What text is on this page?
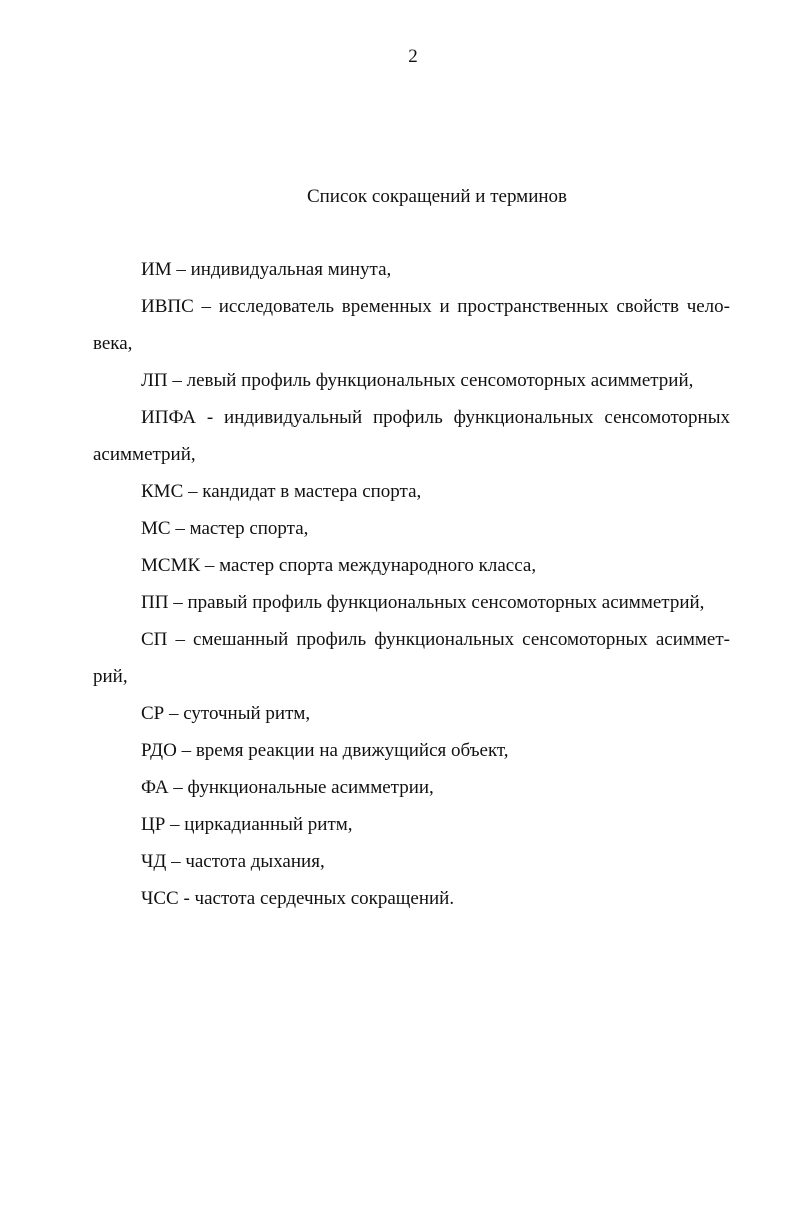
2
Список сокращений и терминов

ИМ – индивидуальная минута,

ИВПС – исследователь временных и пространственных свойств чело-
века,

ЛП – левый профиль функциональных сенсомоторных асимметрий,

ИПФА - индивидуальный профиль функциональных сенсомоторных
асимметрий,

КМС – кандидат в мастера спорта,

МС – мастер спорта,

МСМК – мастер спорта международного класса,

ПП – правый профиль функциональных сенсомоторных асимметрий,

СП – смешанный профиль функциональных сенсомоторных асиммет-
рий,

СР – суточный ритм,

РДО – время реакции на движущийся объект,

ФА – функциональные асимметрии,

ЦР – циркадианный ритм,

ЧД – частота дыхания,

ЧСС - частота сердечных сокращений.
